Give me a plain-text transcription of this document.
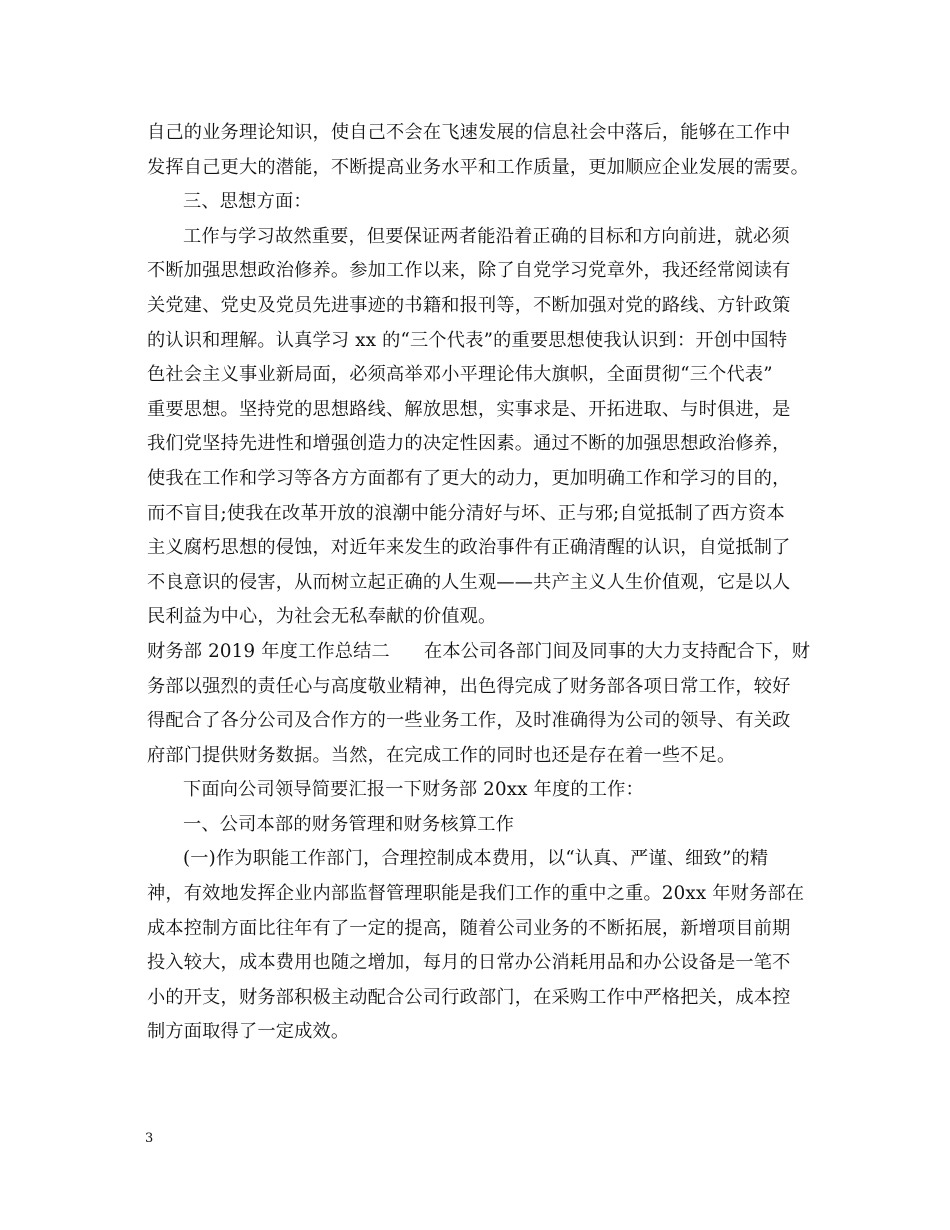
自己的业务理论知识，使自己不会在飞速发展的信息社会中落后，能够在工作中
发挥自己更大的潜能，不断提高业务水平和工作质量，更加顺应企业发展的需要。
三、思想方面：
工作与学习故然重要，但要保证两者能沿着正确的目标和方向前进，就必须
不断加强思想政治修养。参加工作以来，除了自党学习党章外，我还经常阅读有
关党建、党史及党员先进事迹的书籍和报刊等，不断加强对党的路线、方针政策
的认识和理解。认真学习 xx 的“三个代表”的重要思想使我认识到：开创中国特
色社会主义事业新局面，必须高举邓小平理论伟大旗帜，全面贯彻“三个代表”
重要思想。坚持党的思想路线、解放思想，实事求是、开拓进取、与时俱进，是
我们党坚持先进性和增强创造力的决定性因素。通过不断的加强思想政治修养，
使我在工作和学习等各方方面都有了更大的动力，更加明确工作和学习的目的，
而不盲目;使我在改革开放的浪潮中能分清好与坏、正与邪;自觉抵制了西方资本
主义腐朽思想的侵蚀，对近年来发生的政治事件有正确清醒的认识，自觉抵制了
不良意识的侵害，从而树立起正确的人生观——共产主义人生价值观，它是以人
民利益为中心，为社会无私奉献的价值观。
财务部 2019 年度工作总结二 在本公司各部门间及同事的大力支持配合下，财
务部以强烈的责任心与高度敬业精神，出色得完成了财务部各项日常工作，较好
得配合了各分公司及合作方的一些业务工作，及时准确得为公司的领导、有关政
府部门提供财务数据。当然，在完成工作的同时也还是存在着一些不足。
下面向公司领导简要汇报一下财务部 20xx 年度的工作：
一、公司本部的财务管理和财务核算工作
(一)作为职能工作部门，合理控制成本费用，以“认真、严谨、细致”的精
神，有效地发挥企业内部监督管理职能是我们工作的重中之重。20xx 年财务部在
成本控制方面比往年有了一定的提高，随着公司业务的不断拓展，新增项目前期
投入较大，成本费用也随之增加，每月的日常办公消耗用品和办公设备是一笔不
小的开支，财务部积极主动配合公司行政部门，在采购工作中严格把关，成本控
制方面取得了一定成效。
3
